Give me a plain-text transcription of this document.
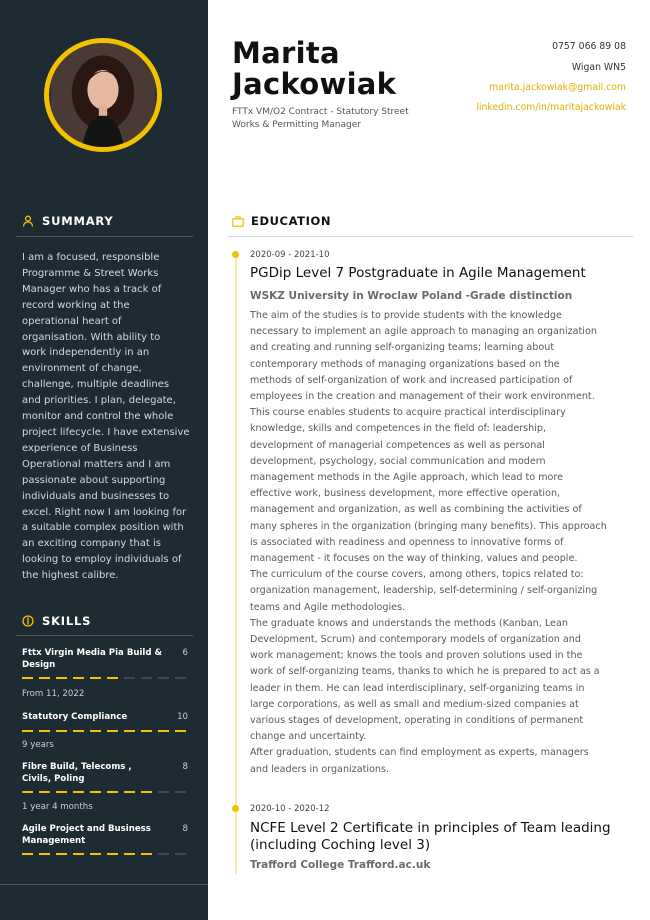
SUMMARY
I am a focused, responsible
Programme & Street Works
Manager who has a track of
record working at the
operational heart of
organisation. With ability to
work independently in an
environment of change,
challenge, multiple deadlines
and priorities. I plan, delegate,
monitor and control the whole
project lifecycle. I have extensive
experience of Business
Operational matters and I am
passionate about supporting
individuals and businesses to
excel. Right now I am looking for
a suitable complex position with
an exciting company that is
looking to employ individuals of
the highest calibre.
SKILLS
Fttx Virgin Media Pia Build & Design
6
From 11, 2022
Statutory Compliance	10
9 years
Fibre Build, Telecoms , Civils, Poling
8
1 year 4 months
Agile Project and Business Management
8
Marita
Jackowiak
FTTx VM/O2 Contract - Statutory Street Works & Permitting Manager
0757 066 89 08
Wigan WN5
marita.jackowiak@gmail.com
linkedin.com/in/maritajackowiak
EDUCATION
2020-09 - 2021-10
PGDip Level 7 Postgraduate in Agile Management
WSKZ University in Wroclaw Poland -Grade distinction
The aim of the studies is to provide students with the knowledge
necessary to implement an agile approach to managing an organization
and creating and running self-organizing teams; learning about
contemporary methods of managing organizations based on the
methods of self-organization of work and increased participation of
employees in the creation and management of their work environment.
This course enables students to acquire practical interdisciplinary
knowledge, skills and competences in the field of: leadership,
development of managerial competences as well as personal
development, psychology, social communication and modern
management methods in the Agile approach, which lead to more
effective work, business development, more effective operation,
management and organization, as well as combining the activities of
many spheres in the organization (bringing many benefits). This approach
is associated with readiness and openness to innovative forms of
management - it focuses on the way of thinking, values and people.
The curriculum of the course covers, among others, topics related to:
organization management, leadership, self-determining / self-organizing
teams and Agile methodologies.
The graduate knows and understands the methods (Kanban, Lean
Development, Scrum) and contemporary models of organization and
work management; knows the tools and proven solutions used in the
work of self-organizing teams, thanks to which he is prepared to act as a
leader in them. He can lead interdisciplinary, self-organizing teams in
large corporations, as well as small and medium-sized companies at
various stages of development, operating in conditions of permanent
change and uncertainty.
After graduation, students can find employment as experts, managers
and leaders in organizations.
2020-10 - 2020-12
NCFE Level 2 Certificate in principles of Team leading (including Coching level 3)
Trafford College Trafford.ac.uk
